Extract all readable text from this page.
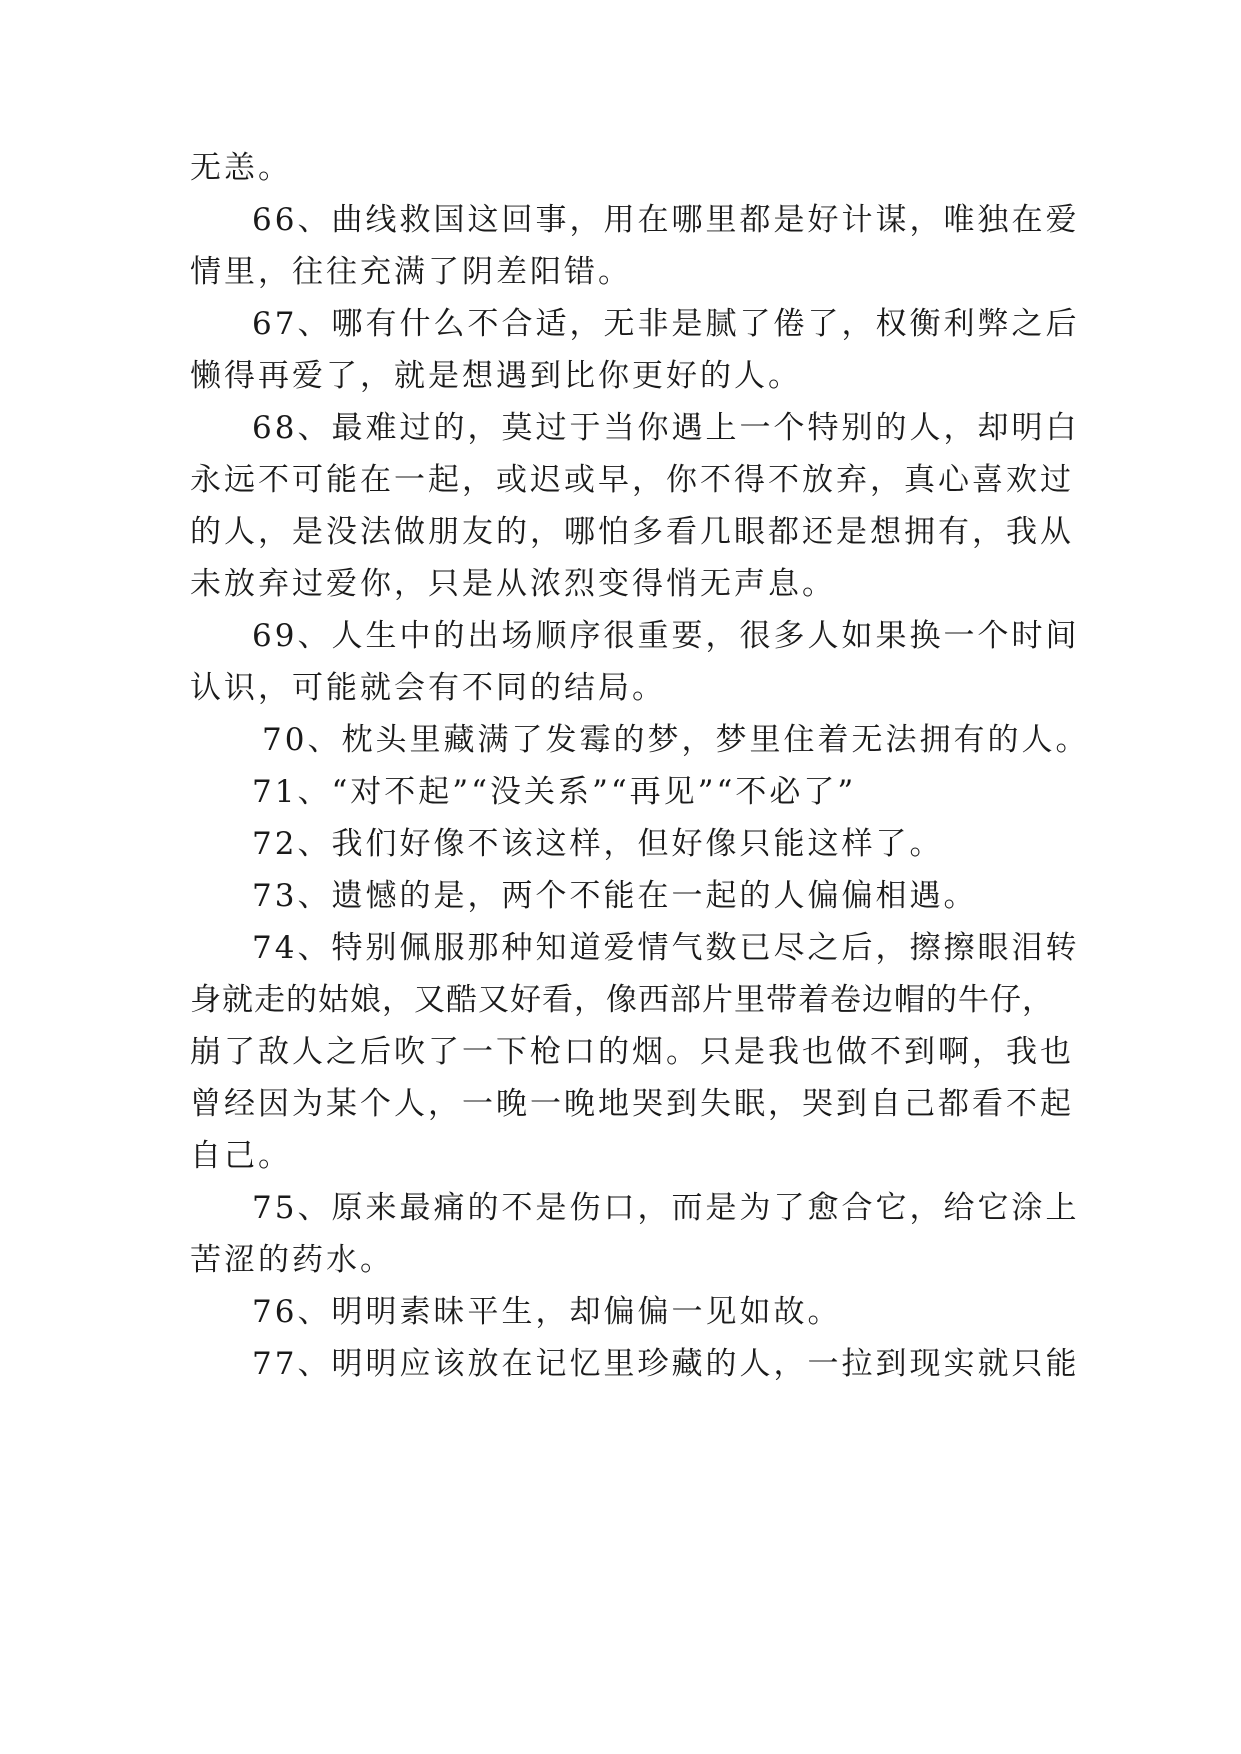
无恙。
66、曲线救国这回事，用在哪里都是好计谋，唯独在爱
情里，往往充满了阴差阳错。
67、哪有什么不合适，无非是腻了倦了，权衡利弊之后
懒得再爱了，就是想遇到比你更好的人。
68、最难过的，莫过于当你遇上一个特别的人，却明白
永远不可能在一起，或迟或早，你不得不放弃，真心喜欢过
的人，是没法做朋友的，哪怕多看几眼都还是想拥有，我从
未放弃过爱你，只是从浓烈变得悄无声息。
69、人生中的出场顺序很重要，很多人如果换一个时间
认识，可能就会有不同的结局。
70、枕头里藏满了发霉的梦，梦里住着无法拥有的人。
71、“对不起”“没关系”“再见”“不必了”
72、我们好像不该这样，但好像只能这样了。
73、遗憾的是，两个不能在一起的人偏偏相遇。
74、特别佩服那种知道爱情气数已尽之后，擦擦眼泪转
身就走的姑娘，又酷又好看，像西部片里带着卷边帽的牛仔，
崩了敌人之后吹了一下枪口的烟。只是我也做不到啊，我也
曾经因为某个人，一晚一晚地哭到失眠，哭到自己都看不起
自己。
75、原来最痛的不是伤口，而是为了愈合它，给它涂上
苦涩的药水。
76、明明素昧平生，却偏偏一见如故。
77、明明应该放在记忆里珍藏的人，一拉到现实就只能
